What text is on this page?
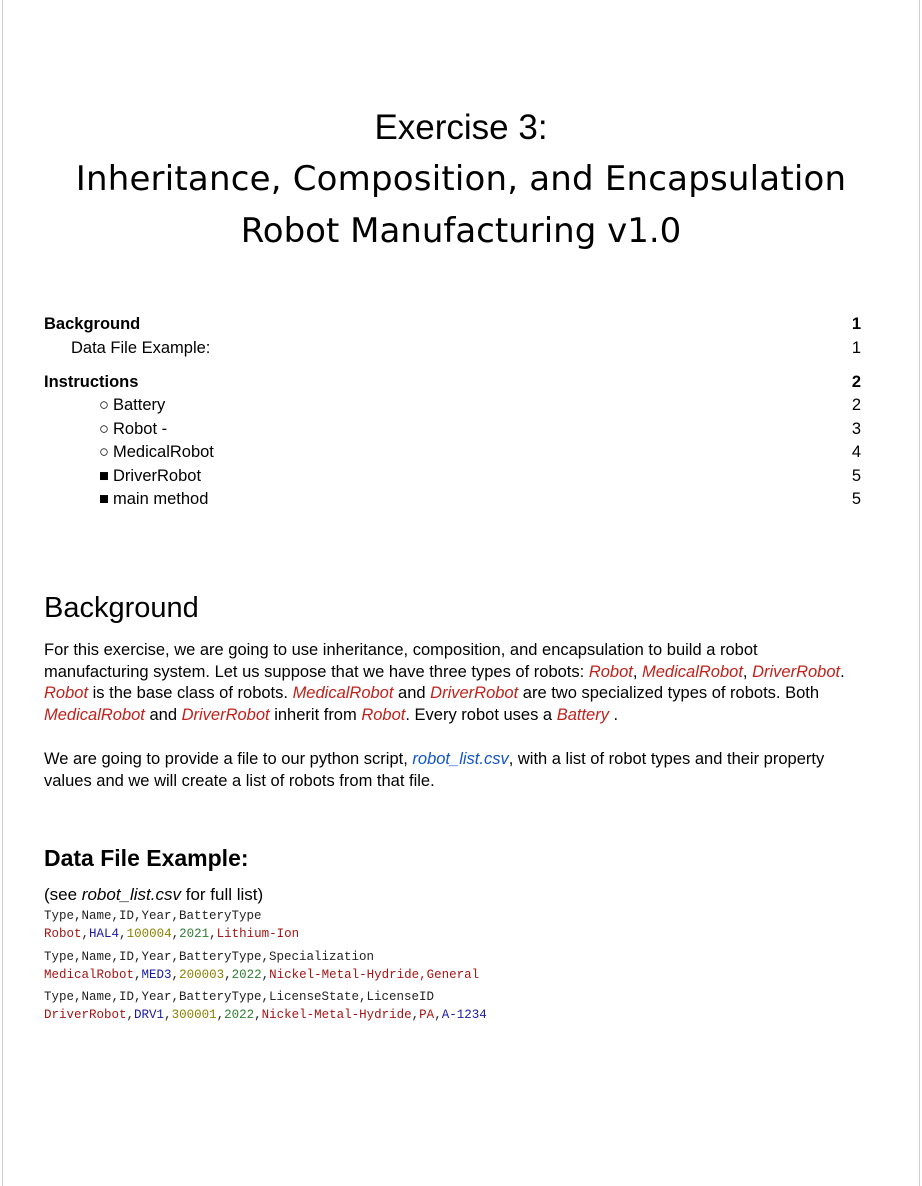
Exercise 3:
Inheritance, Composition, and Encapsulation
Robot Manufacturing v1.0
Background	1
Data File Example:	1
Instructions	2
○ Battery	2
○ Robot -	3
○ MedicalRobot	4
■ DriverRobot	5
■ main method	5
Background

For this exercise, we are going to use inheritance, composition, and encapsulation to build a robot manufacturing system. Let us suppose that we have three types of robots: Robot, MedicalRobot, DriverRobot. Robot is the base class of robots. MedicalRobot and DriverRobot are two specialized types of robots. Both MedicalRobot and DriverRobot inherit from Robot. Every robot uses a Battery .

We are going to provide a file to our python script, robot_list.csv, with a list of robot types and their property values and we will create a list of robots from that file.

Data File Example:

(see robot_list.csv for full list)

Type,Name,ID,Year,BatteryType
Robot,HAL4,100004,2021,Lithium-Ion
Type,Name,ID,Year,BatteryType,Specialization
MedicalRobot,MED3,200003,2022,Nickel-Metal-Hydride,General
Type,Name,ID,Year,BatteryType,LicenseState,LicenseID
DriverRobot,DRV1,300001,2022,Nickel-Metal-Hydride,PA,A-1234
